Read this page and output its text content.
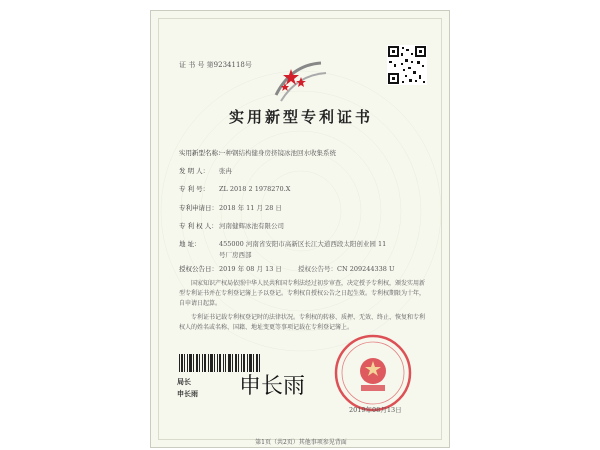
证 书 号 第9234118号
实用新型专利证书
实用新型名称：一种钢结构健身房挤镜冰池回水收集系统
发 明 人： 张冉
专 利 号： ZL 2018 2 1978270.X
专利申请日：2018 年 11 月 28 日
专 利 权 人：河南健辉冰池有限公司
地 址：	455000 河南省安阳市高新区长江大道西段太阳创业园 11
号厂房西部
授权公告日：2019 年 08 月 13 日 授权公告号：CN 209244338 U
国家知识产权局依照中华人民共和国专利法经过初步审查，决定授予专利权，颁发实用新型专利证书并在专利登记簿上予以登记。专利权自授权公告之日起生效。专利权期限为十年，自申请日起算。
专利证书记载专利权登记时的法律状况。专利权的转移、质押、无效、终止、恢复和专利权人的姓名或名称、国籍、地址变更等事项记载在专利登记簿上。
局长
申长雨 申长雨
2019年08月13日
第1页（共2页）其他事项参见背面
